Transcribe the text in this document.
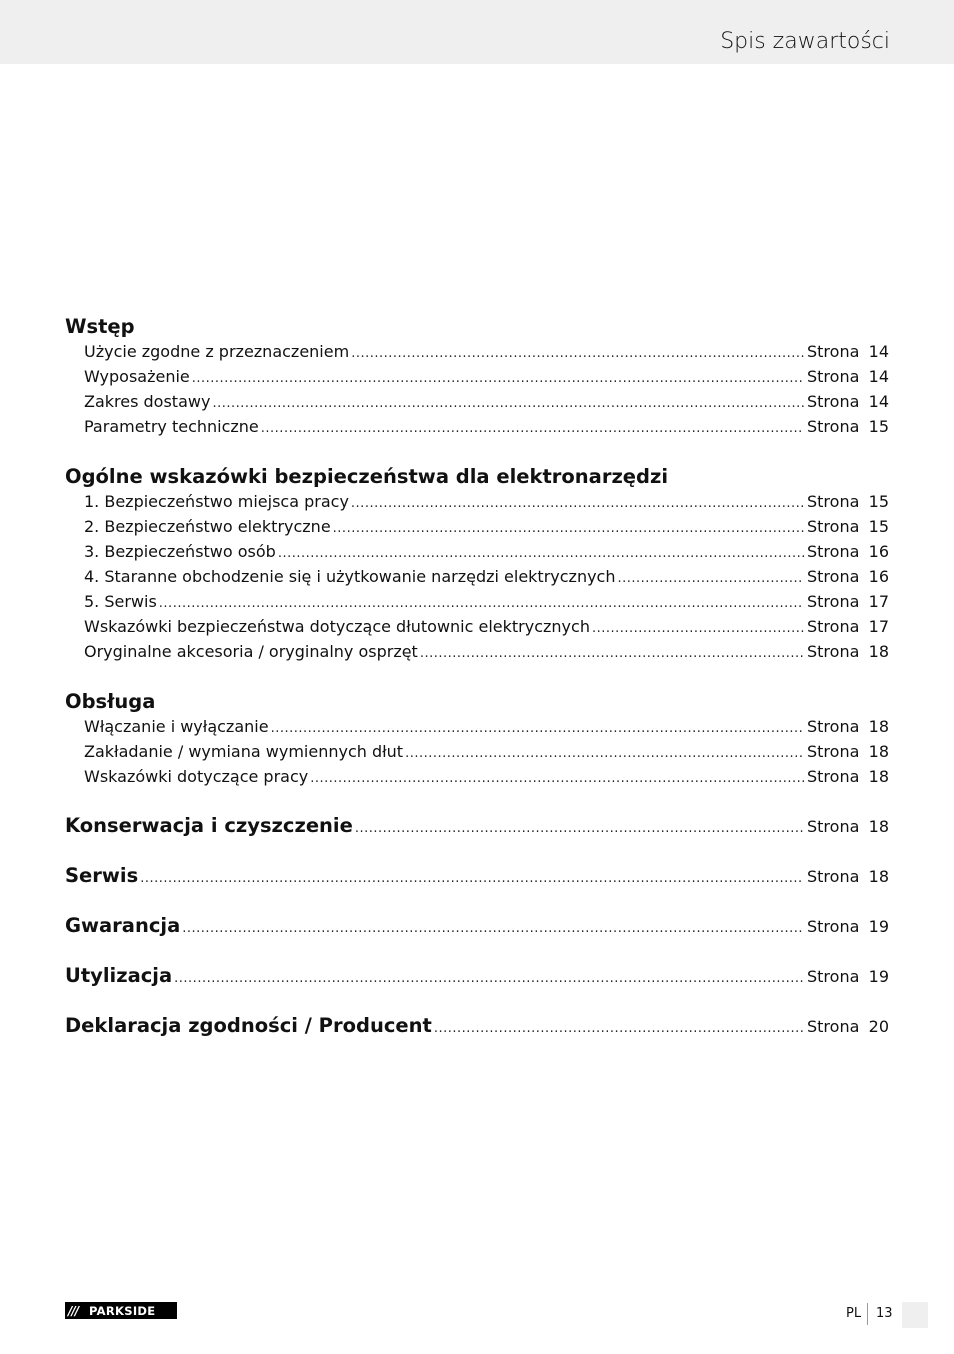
Spis zawartości
Wstęp
Użycie zgodne z przeznaczeniem .....	Strona 14
Wyposażenie .....	Strona 14
Zakres dostawy .....	Strona 14
Parametry techniczne .....	Strona 15
Ogólne wskazówki bezpieczeństwa dla elektronarzędzi
1. Bezpieczeństwo miejsca pracy .....	Strona 15
2. Bezpieczeństwo elektryczne .....	Strona 15
3. Bezpieczeństwo osób .....	Strona 16
4. Staranne obchodzenie się i użytkowanie narzędzi elektrycznych .....	Strona 16
5. Serwis .....	Strona 17
Wskazówki bezpieczeństwa dotyczące dłutownic elektrycznych .....	Strona 17
Oryginalne akcesoria / oryginalny osprzęt .....	Strona 18
Obsługa
Włączanie i wyłączanie .....	Strona 18
Zakładanie / wymiana wymiennych dłut .....	Strona 18
Wskazówki dotyczące pracy .....	Strona 18
Konserwacja i czyszczenie .....	Strona 18
Serwis .....	Strona 18
Gwarancja .....	Strona 19
Utylizacja .....	Strona 19
Deklaracja zgodności / Producent .....	Strona 20
/// PARKSIDE	PL 13
